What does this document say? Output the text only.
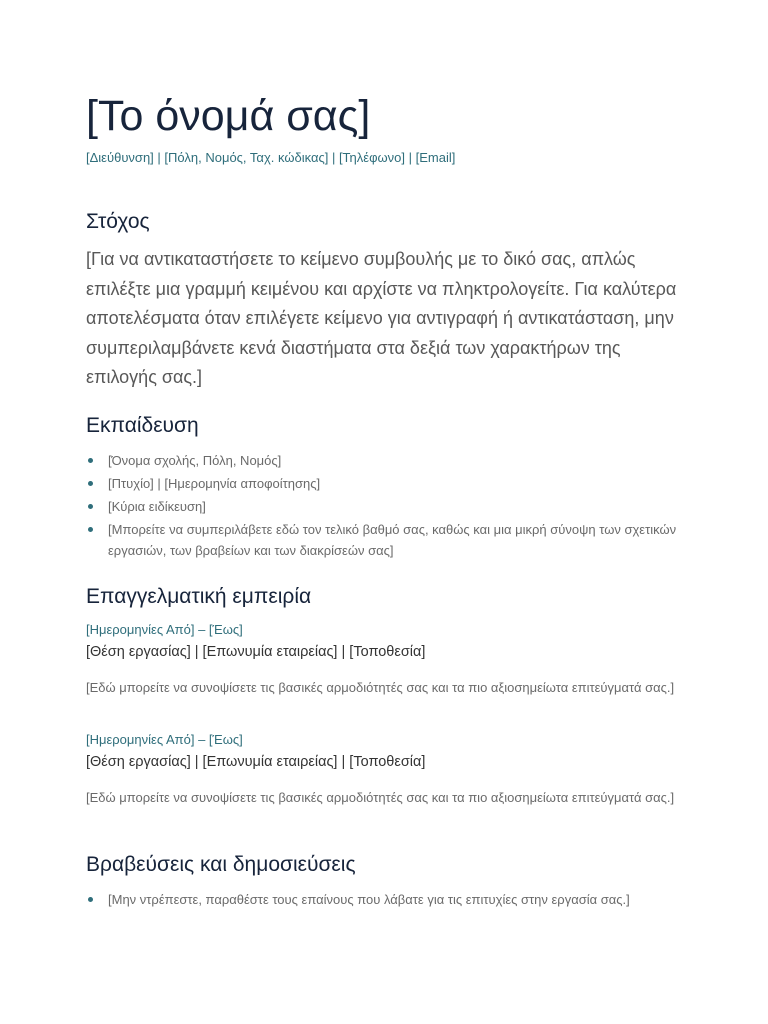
[Το όνομά σας]

[Διεύθυνση] | [Πόλη, Νομός, Ταχ. κώδικας] | [Τηλέφωνο] | [Email]

Στόχος

[Για να αντικαταστήσετε το κείμενο συμβουλής με το δικό σας, απλώς επιλέξτε μια γραμμή κειμένου και αρχίστε να πληκτρολογείτε. Για καλύτερα αποτελέσματα όταν επιλέγετε κείμενο για αντιγραφή ή αντικατάσταση, μην συμπεριλαμβάνετε κενά διαστήματα στα δεξιά των χαρακτήρων της επιλογής σας.]

Εκπαίδευση
[Όνομα σχολής, Πόλη, Νομός]
[Πτυχίο] | [Ημερομηνία αποφοίτησης]
[Κύρια ειδίκευση]
[Μπορείτε να συμπεριλάβετε εδώ τον τελικό βαθμό σας, καθώς και μια μικρή σύνοψη των σχετικών εργασιών, των βραβείων και των διακρίσεών σας]
Επαγγελματική εμπειρία

[Ημερομηνίες Από] – [Έως]

[Θέση εργασίας] | [Επωνυμία εταιρείας] | [Τοποθεσία]

[Εδώ μπορείτε να συνοψίσετε τις βασικές αρμοδιότητές σας και τα πιο αξιοσημείωτα επιτεύγματά σας.]

[Ημερομηνίες Από] – [Έως]

[Θέση εργασίας] | [Επωνυμία εταιρείας] | [Τοποθεσία]

[Εδώ μπορείτε να συνοψίσετε τις βασικές αρμοδιότητές σας και τα πιο αξιοσημείωτα επιτεύγματά σας.]

Βραβεύσεις και δημοσιεύσεις
[Μην ντρέπεστε, παραθέστε τους επαίνους που λάβατε για τις επιτυχίες στην εργασία σας.]
